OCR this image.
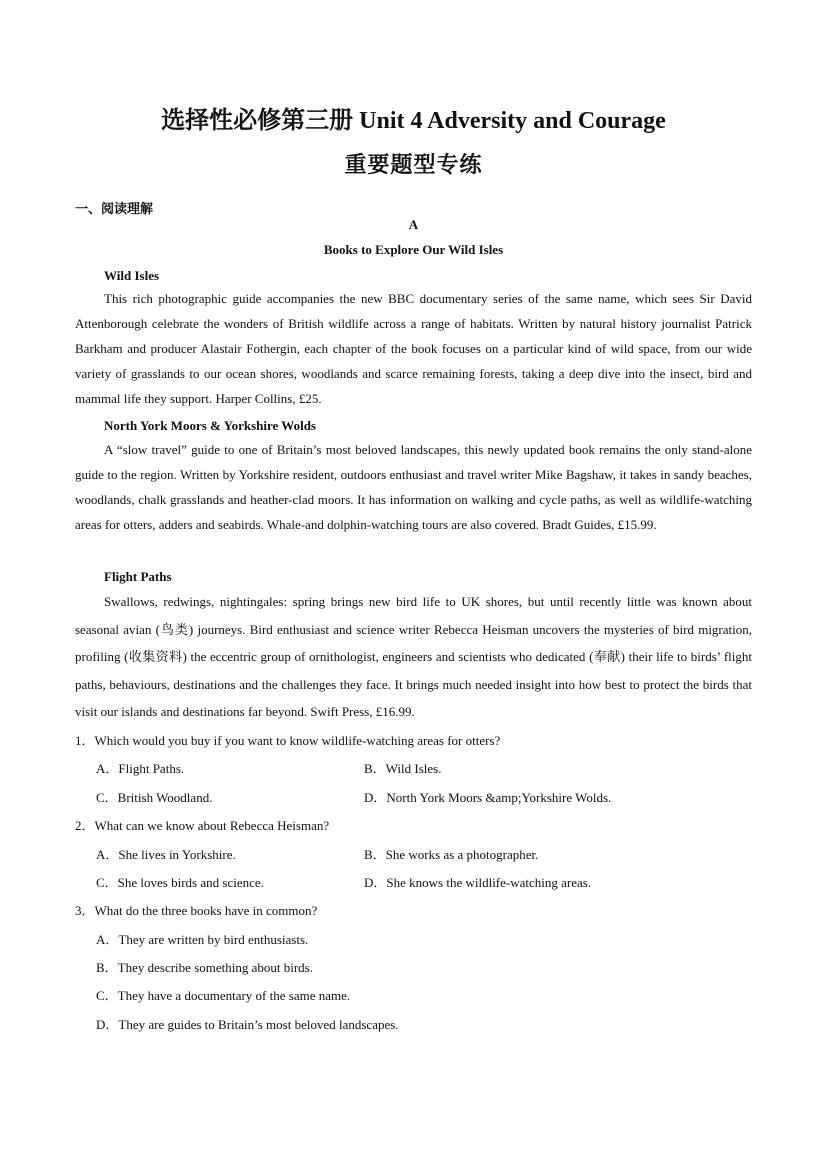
选择性必修第三册 Unit 4 Adversity and Courage
重要题型专练
一、阅读理解
A
Books to Explore Our Wild Isles
Wild Isles

This rich photographic guide accompanies the new BBC documentary series of the same name, which sees Sir David Attenborough celebrate the wonders of British wildlife across a range of habitats. Written by natural history journalist Patrick Barkham and producer Alastair Fothergin, each chapter of the book focuses on a particular kind of wild space, from our wide variety of grasslands to our ocean shores, woodlands and scarce remaining forests, taking a deep dive into the insect, bird and mammal life they support. Harper Collins, £25.

North York Moors & Yorkshire Wolds

A “slow travel” guide to one of Britain’s most beloved landscapes, this newly updated book remains the only stand-alone guide to the region. Written by Yorkshire resident, outdoors enthusiast and travel writer Mike Bagshaw, it takes in sandy beaches, woodlands, chalk grasslands and heather-clad moors. It has information on walking and cycle paths, as well as wildlife-watching areas for otters, adders and seabirds. Whale-and dolphin-watching tours are also covered. Bradt Guides, £15.99.

Flight Paths

Swallows, redwings, nightingales: spring brings new bird life to UK shores, but until recently little was known about seasonal avian (鸟类) journeys. Bird enthusiast and science writer Rebecca Heisman uncovers the mysteries of bird migration, profiling (收集资料) the eccentric group of ornithologist, engineers and scientists who dedicated (奉献) their life to birds’ flight paths, behaviours, destinations and the challenges they face. It brings much needed insight into how best to protect the birds that visit our islands and destinations far beyond. Swift Press, £16.99.

1．Which would you buy if you want to know wildlife-watching areas for otters?
A．Flight Paths.	B．Wild Isles.
C．British Woodland.	D．North York Moors &amp;Yorkshire Wolds.
2．What can we know about Rebecca Heisman?
A．She lives in Yorkshire.	B．She works as a photographer.
C．She loves birds and science.	D．She knows the wildlife-watching areas.
3．What do the three books have in common?
A．They are written by bird enthusiasts.
B．They describe something about birds.
C．They have a documentary of the same name.
D．They are guides to Britain’s most beloved landscapes.
